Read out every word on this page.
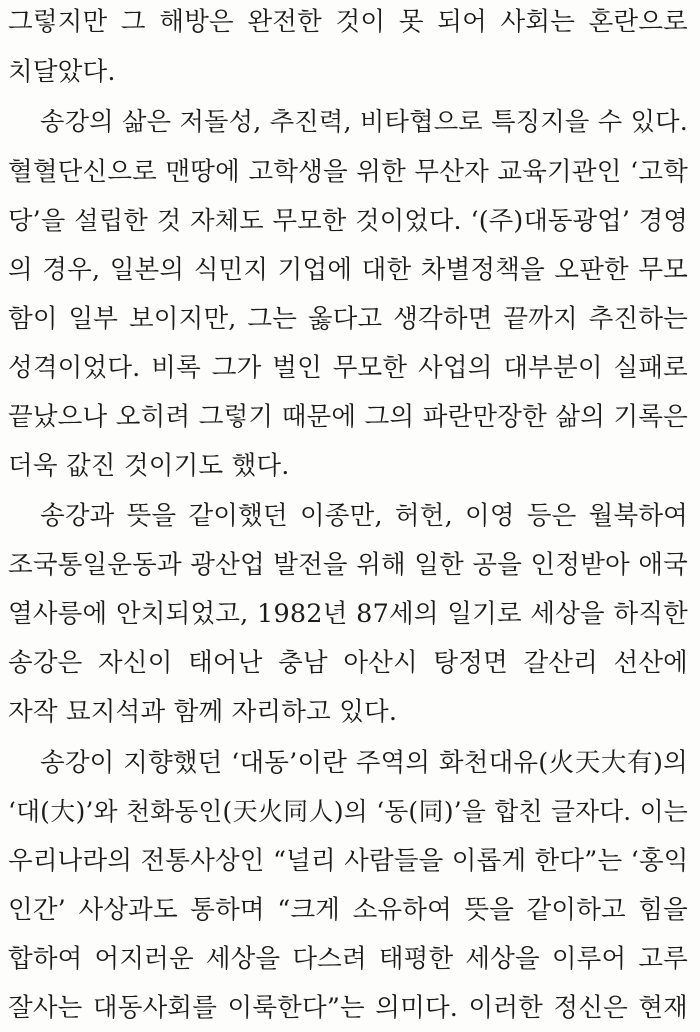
그렇지만 그 해방은 완전한 것이 못 되어 사회는 혼란으로
치달았다.
송강의 삶은 저돌성, 추진력, 비타협으로 특징지을 수 있다.
혈혈단신으로 맨땅에 고학생을 위한 무산자 교육기관인 ‘고학
당’을 설립한 것 자체도 무모한 것이었다. ‘(주)대동광업’ 경영
의 경우, 일본의 식민지 기업에 대한 차별정책을 오판한 무모
함이 일부 보이지만, 그는 옳다고 생각하면 끝까지 추진하는
성격이었다. 비록 그가 벌인 무모한 사업의 대부분이 실패로
끝났으나 오히려 그렇기 때문에 그의 파란만장한 삶의 기록은
더욱 값진 것이기도 했다.
송강과 뜻을 같이했던 이종만, 허헌, 이영 등은 월북하여
조국통일운동과 광산업 발전을 위해 일한 공을 인정받아 애국
열사릉에 안치되었고, 1982년 87세의 일기로 세상을 하직한
송강은 자신이 태어난 충남 아산시 탕정면 갈산리 선산에
자작 묘지석과 함께 자리하고 있다.
송강이 지향했던 ‘대동’이란 주역의 화천대유(火天大有)의
‘대(大)’와 천화동인(天火同人)의 ‘동(同)’을 합친 글자다. 이는
우리나라의 전통사상인 “널리 사람들을 이롭게 한다”는 ‘홍익
인간’ 사상과도 통하며 “크게 소유하여 뜻을 같이하고 힘을
합하여 어지러운 세상을 다스려 태평한 세상을 이루어 고루
잘사는 대동사회를 이룩한다”는 의미다. 이러한 정신은 현재
